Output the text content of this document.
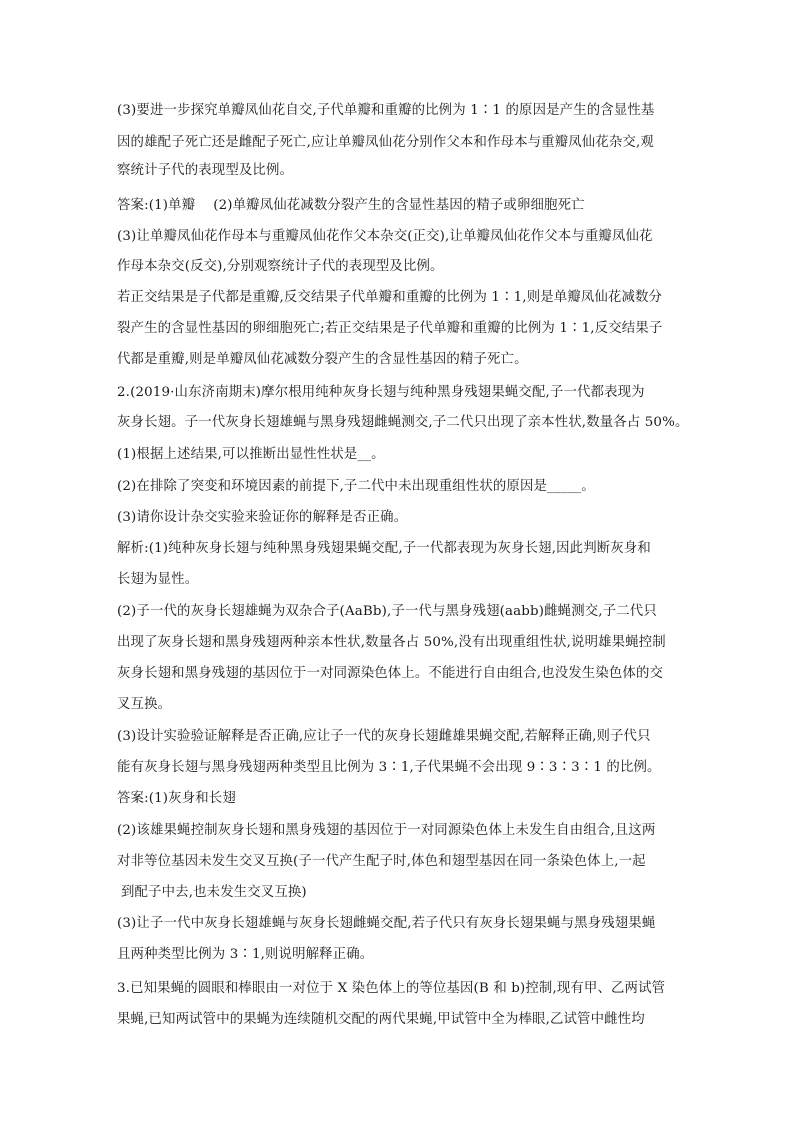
(3)要进一步探究单瓣凤仙花自交,子代单瓣和重瓣的比例为 1∶1 的原因是产生的含显性基
因的雄配子死亡还是雌配子死亡,应让单瓣凤仙花分别作父本和作母本与重瓣凤仙花杂交,观
察统计子代的表现型及比例。
答案:(1)单瓣 　(2)单瓣凤仙花减数分裂产生的含显性基因的精子或卵细胞死亡
(3)让单瓣凤仙花作母本与重瓣凤仙花作父本杂交(正交),让单瓣凤仙花作父本与重瓣凤仙花
作母本杂交(反交),分别观察统计子代的表现型及比例。
若正交结果是子代都是重瓣,反交结果子代单瓣和重瓣的比例为 1∶1,则是单瓣凤仙花减数分
裂产生的含显性基因的卵细胞死亡;若正交结果是子代单瓣和重瓣的比例为 1∶1,反交结果子
代都是重瓣,则是单瓣凤仙花减数分裂产生的含显性基因的精子死亡。
2.(2019·山东济南期末)摩尔根用纯种灰身长翅与纯种黑身残翅果蝇交配,子一代都表现为
灰身长翅。子一代灰身长翅雄蝇与黑身残翅雌蝇测交,子二代只出现了亲本性状,数量各占 50%。
(1)根据上述结果,可以推断出显性性状是__。
(2)在排除了突变和环境因素的前提下,子二代中未出现重组性状的原因是_____。
(3)请你设计杂交实验来验证你的解释是否正确。
解析:(1)纯种灰身长翅与纯种黑身残翅果蝇交配,子一代都表现为灰身长翅,因此判断灰身和
长翅为显性。
(2)子一代的灰身长翅雄蝇为双杂合子(AaBb),子一代与黑身残翅(aabb)雌蝇测交,子二代只
出现了灰身长翅和黑身残翅两种亲本性状,数量各占 50%,没有出现重组性状,说明雄果蝇控制
灰身长翅和黑身残翅的基因位于一对同源染色体上。不能进行自由组合,也没发生染色体的交
叉互换。
(3)设计实验验证解释是否正确,应让子一代的灰身长翅雌雄果蝇交配,若解释正确,则子代只
能有灰身长翅与黑身残翅两种类型且比例为 3∶1,子代果蝇不会出现 9∶3∶3∶1 的比例。
答案:(1)灰身和长翅
(2)该雄果蝇控制灰身长翅和黑身残翅的基因位于一对同源染色体上未发生自由组合,且这两
对非等位基因未发生交叉互换(子一代产生配子时,体色和翅型基因在同一条染色体上,一起
到配子中去,也未发生交叉互换)
(3)让子一代中灰身长翅雄蝇与灰身长翅雌蝇交配,若子代只有灰身长翅果蝇与黑身残翅果蝇
且两种类型比例为 3∶1,则说明解释正确。
3.已知果蝇的圆眼和棒眼由一对位于 X 染色体上的等位基因(B 和 b)控制,现有甲、乙两试管
果蝇,已知两试管中的果蝇为连续随机交配的两代果蝇,甲试管中全为棒眼,乙试管中雌性均
